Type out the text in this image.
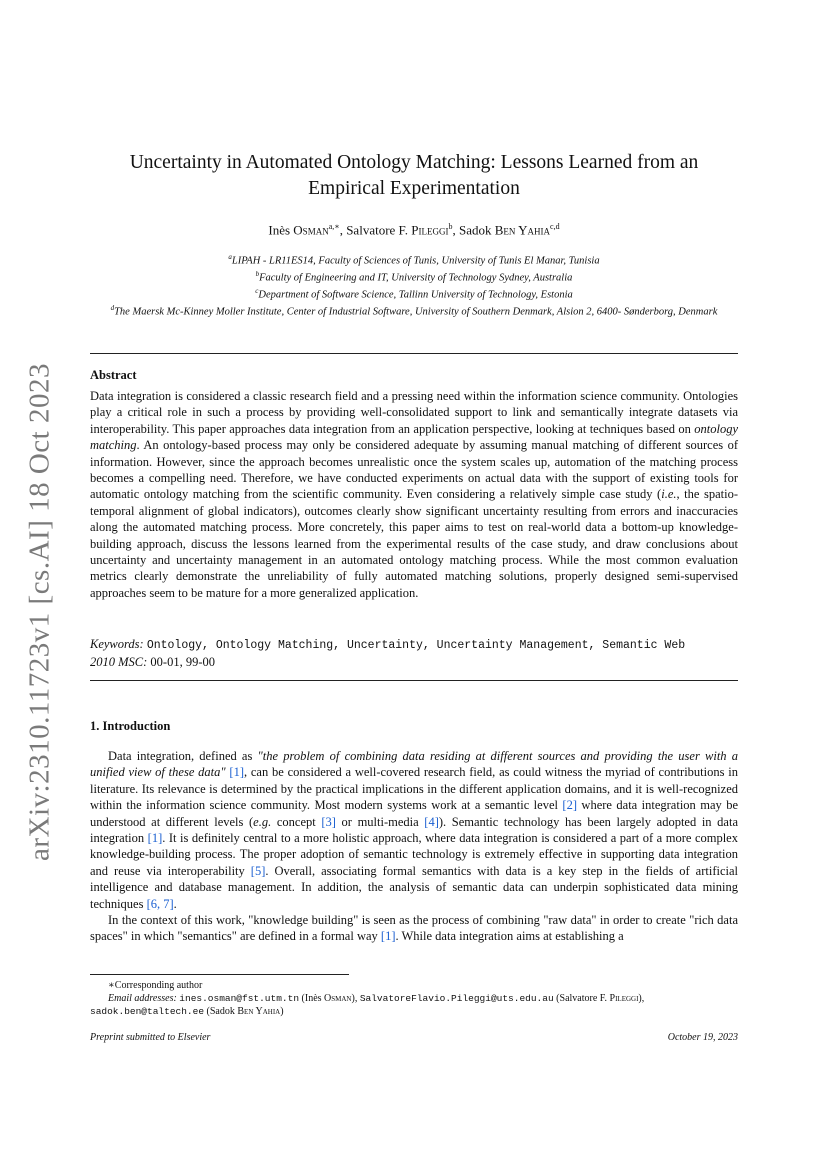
arXiv:2310.11723v1 [cs.AI] 18 Oct 2023
Uncertainty in Automated Ontology Matching: Lessons Learned from an
Empirical Experimentation
Inès Osman$^{a,∗}$, Salvatore F. Pileggi$^b$, Sadok Ben Yahia$^{c,d}$
$^a$LIPAH - LR11ES14, Faculty of Sciences of Tunis, University of Tunis El Manar, Tunisia
$^b$Faculty of Engineering and IT, University of Technology Sydney, Australia
$^c$Department of Software Science, Tallinn University of Technology, Estonia
$^d$The Maersk Mc-Kinney Moller Institute, Center of Industrial Software, University of Southern Denmark, Alsion 2, 6400- Sønderborg, Denmark
Abstract
Data integration is considered a classic research field and a pressing need within the information science community. Ontologies play a critical role in such a process by providing well-consolidated support to link and semantically integrate datasets via interoperability. This paper approaches data integration from an application perspective, looking at techniques based on ontology matching. An ontology-based process may only be considered adequate by assuming manual matching of different sources of information. However, since the approach becomes unrealistic once the system scales up, automation of the matching process becomes a compelling need. Therefore, we have conducted experiments on actual data with the support of existing tools for automatic ontology matching from the scientific community. Even considering a relatively simple case study (i.e., the spatio-temporal alignment of global indicators), outcomes clearly show significant uncertainty resulting from errors and inaccuracies along the automated matching process. More concretely, this paper aims to test on real-world data a bottom-up knowledge-building approach, discuss the lessons learned from the experimental results of the case study, and draw conclusions about uncertainty and uncertainty management in an automated ontology matching process. While the most common evaluation metrics clearly demonstrate the unreliability of fully automated matching solutions, properly designed semi-supervised approaches seem to be mature for a more generalized application.
Keywords: Ontology, Ontology Matching, Uncertainty, Uncertainty Management, Semantic Web
2010 MSC: 00-01, 99-00
1. Introduction

Data integration, defined as "the problem of combining data residing at different sources and providing the user with a unified view of these data" [1], can be considered a well-covered research field, as could witness the myriad of contributions in literature. Its relevance is determined by the practical implications in the different application domains, and it is well-recognized within the information science community. Most modern systems work at a semantic level [2] where data integration may be understood at different levels (e.g. concept [3] or multi-media [4]). Semantic technology has been largely adopted in data integration [1]. It is definitely central to a more holistic approach, where data integration is considered a part of a more complex knowledge-building process. The proper adoption of semantic technology is extremely effective in supporting data integration and reuse via interoperability [5]. Overall, associating formal semantics with data is a key step in the fields of artificial intelligence and database management. In addition, the analysis of semantic data can underpin sophisticated data mining techniques [6, 7].

In the context of this work, "knowledge building" is seen as the process of combining "raw data" in order to create "rich data spaces" in which "semantics" are defined in a formal way [1]. While data integration aims at establishing a

∗Corresponding author
Email addresses: ines.osman@fst.utm.tn (Inès Osman), SalvatoreFlavio.Pileggi@uts.edu.au (Salvatore F. Pileggi),
sadok.ben@taltech.ee (Sadok Ben Yahia)
Preprint submitted to Elsevier	October 19, 2023
